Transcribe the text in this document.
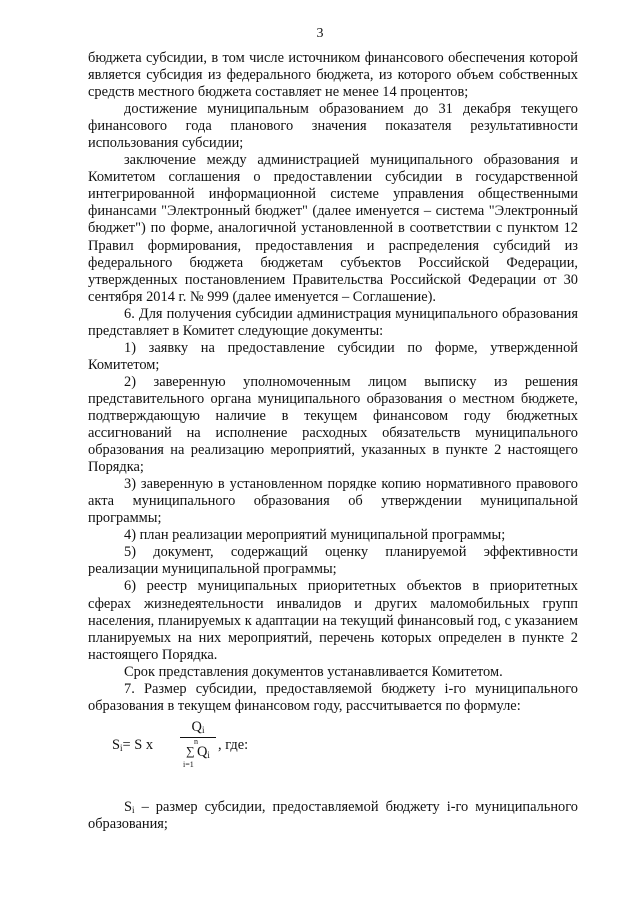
3

бюджета субсидии, в том числе источником финансового обеспечения которой является субсидия из федерального бюджета, из которого объем собственных средств местного бюджета составляет не менее 14 процентов;

достижение муниципальным образованием до 31 декабря текущего финансового года планового значения показателя результативности использования субсидии;

заключение между администрацией муниципального образования и Комитетом соглашения о предоставлении субсидии в государственной интегрированной информационной системе управления общественными финансами "Электронный бюджет" (далее именуется – система "Электронный бюджет") по форме, аналогичной установленной в соответствии с пунктом 12 Правил формирования, предоставления и распределения субсидий из федерального бюджета бюджетам субъектов Российской Федерации, утвержденных постановлением Правительства Российской Федерации от 30 сентября 2014 г. № 999 (далее именуется – Соглашение).

6. Для получения субсидии администрация муниципального образования представляет в Комитет следующие документы:

1) заявку на предоставление субсидии по форме, утвержденной Комитетом;

2) заверенную уполномоченным лицом выписку из решения представительного органа муниципального образования о местном бюджете, подтверждающую наличие в текущем финансовом году бюджетных ассигнований на исполнение расходных обязательств муниципального образования на реализацию мероприятий, указанных в пункте 2 настоящего Порядка;

3) заверенную в установленном порядке копию нормативного правового акта муниципального образования об утверждении муниципальной программы;

4) план реализации мероприятий муниципальной программы;

5) документ, содержащий оценку планируемой эффективности реализации муниципальной программы;

6) реестр муниципальных приоритетных объектов в приоритетных сферах жизнедеятельности инвалидов и других маломобильных групп населения, планируемых к адаптации на текущий финансовый год, с указанием планируемых на них мероприятий, перечень которых определен в пункте 2 настоящего Порядка.

Срок представления документов устанавливается Комитетом.

7. Размер субсидии, предоставляемой бюджету i-го муниципального образования в текущем финансовом году, рассчитывается по формуле:

$S_i= S$ x
$Q_i$
n
∑ $Q_i$
i=1
, где:

$S_i$ – размер субсидии, предоставляемой бюджету i-го муниципального образования;
